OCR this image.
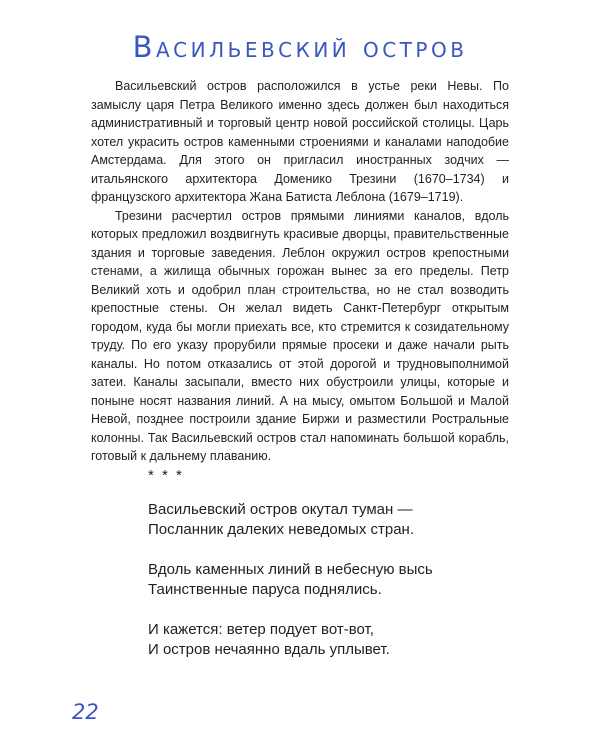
Васильевский остров

Васильевский остров расположился в устье реки Невы. По замыслу царя Петра Великого именно здесь должен был находиться административный и торговый центр новой российской столицы. Царь хотел украсить остров каменными строениями и каналами наподобие Амстердама. Для этого он пригласил иностранных зодчих — итальянского архитектора Доменико Трезини (1670–1734) и французского архитектора Жана Батиста Леблона (1679–1719).

Трезини расчертил остров прямыми линиями каналов, вдоль которых предложил воздвигнуть красивые дворцы, правительственные здания и торговые заведения. Леблон окружил остров крепостными стенами, а жилища обычных горожан вынес за его пределы. Петр Великий хоть и одобрил план строительства, но не стал возводить крепостные стены. Он желал видеть Санкт-Петербург открытым городом, куда бы могли приехать все, кто стремится к созидательному труду. По его указу прорубили прямые просеки и даже начали рыть каналы. Но потом отказались от этой дорогой и трудновыполнимой затеи. Каналы засыпали, вместо них обустроили улицы, которые и поныне носят названия линий. А на мысу, омытом Большой и Малой Невой, позднее построили здание Биржи и разместили Ростральные колонны. Так Васильевский остров стал напоминать большой корабль, готовый к дальнему плаванию.

* * *
Васильевский остров окутал туман —
Посланник далеких неведомых стран.
Вдоль каменных линий в небесную высь
Таинственные паруса поднялись.
И кажется: ветер подует вот-вот,
И остров нечаянно вдаль уплывет.
22
